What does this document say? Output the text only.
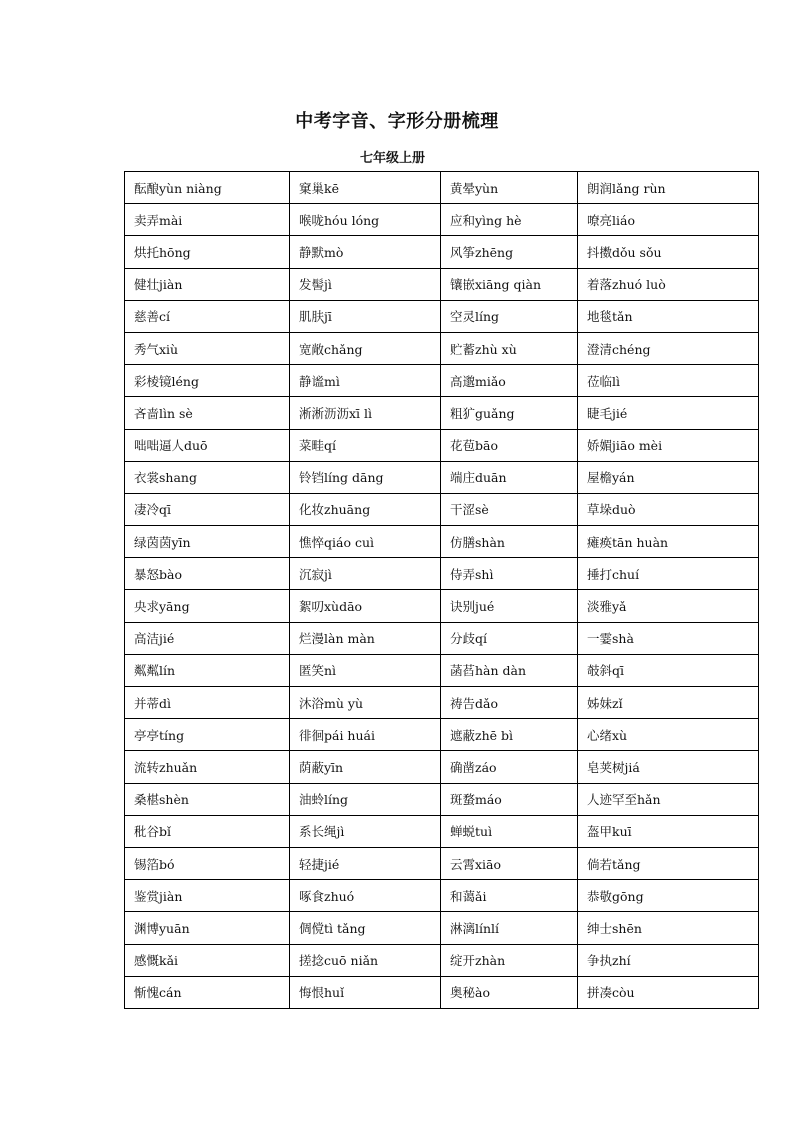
中考字音、字形分册梳理
七年级上册
酝酿yùn niàng	窠巢kē	黄晕yùn	朗润lǎng rùn
卖弄mài	喉咙hóu lóng	应和yìng hè	嘹亮liáo
烘托hōng	静默mò	风筝zhēng	抖擞dǒu sǒu
健壮jiàn	发髻jì	镶嵌xiāng qiàn	着落zhuó luò
慈善cí	肌肤jī	空灵líng	地毯tǎn
秀气xiù	宽敞chǎng	贮蓄zhù xù	澄清chéng
彩棱镜léng	静谧mì	高邈miǎo	莅临lì
吝啬lìn sè	淅淅沥沥xī lì	粗犷guǎng	睫毛jié
咄咄逼人duō	菜畦qí	花苞bāo	娇媚jiāo mèi
衣裳shang	铃铛líng dāng	端庄duān	屋檐yán
凄冷qī	化妆zhuāng	干涩sè	草垛duò
绿茵茵yīn	憔悴qiáo cuì	仿膳shàn	瘫痪tān huàn
暴怒bào	沉寂jì	侍弄shì	捶打chuí
央求yāng	絮叨xùdāo	诀别jué	淡雅yǎ
高洁jié	烂漫làn màn	分歧qí	一霎shà
粼粼lín	匿笑nì	菡萏hàn dàn	攲斜qī
并蒂dì	沐浴mù yù	祷告dǎo	姊妹zǐ
亭亭tíng	徘徊pái huái	遮蔽zhē bì	心绪xù
流转zhuǎn	荫蔽yīn	确凿záo	皂荚树jiá
桑椹shèn	油蛉líng	斑蝥máo	人迹罕至hǎn
秕谷bǐ	系长绳jì	蝉蜕tuì	盔甲kuī
锡箔bó	轻捷jié	云霄xiāo	倘若tǎng
鉴赏jiàn	啄食zhuó	和蔼ǎi	恭敬gōng
渊博yuān	倜傥tì tǎng	淋漓línlí	绅士shēn
感慨kǎi	搓捻cuō niǎn	绽开zhàn	争执zhí
惭愧cán	悔恨huǐ	奥秘ào	拼凑còu
